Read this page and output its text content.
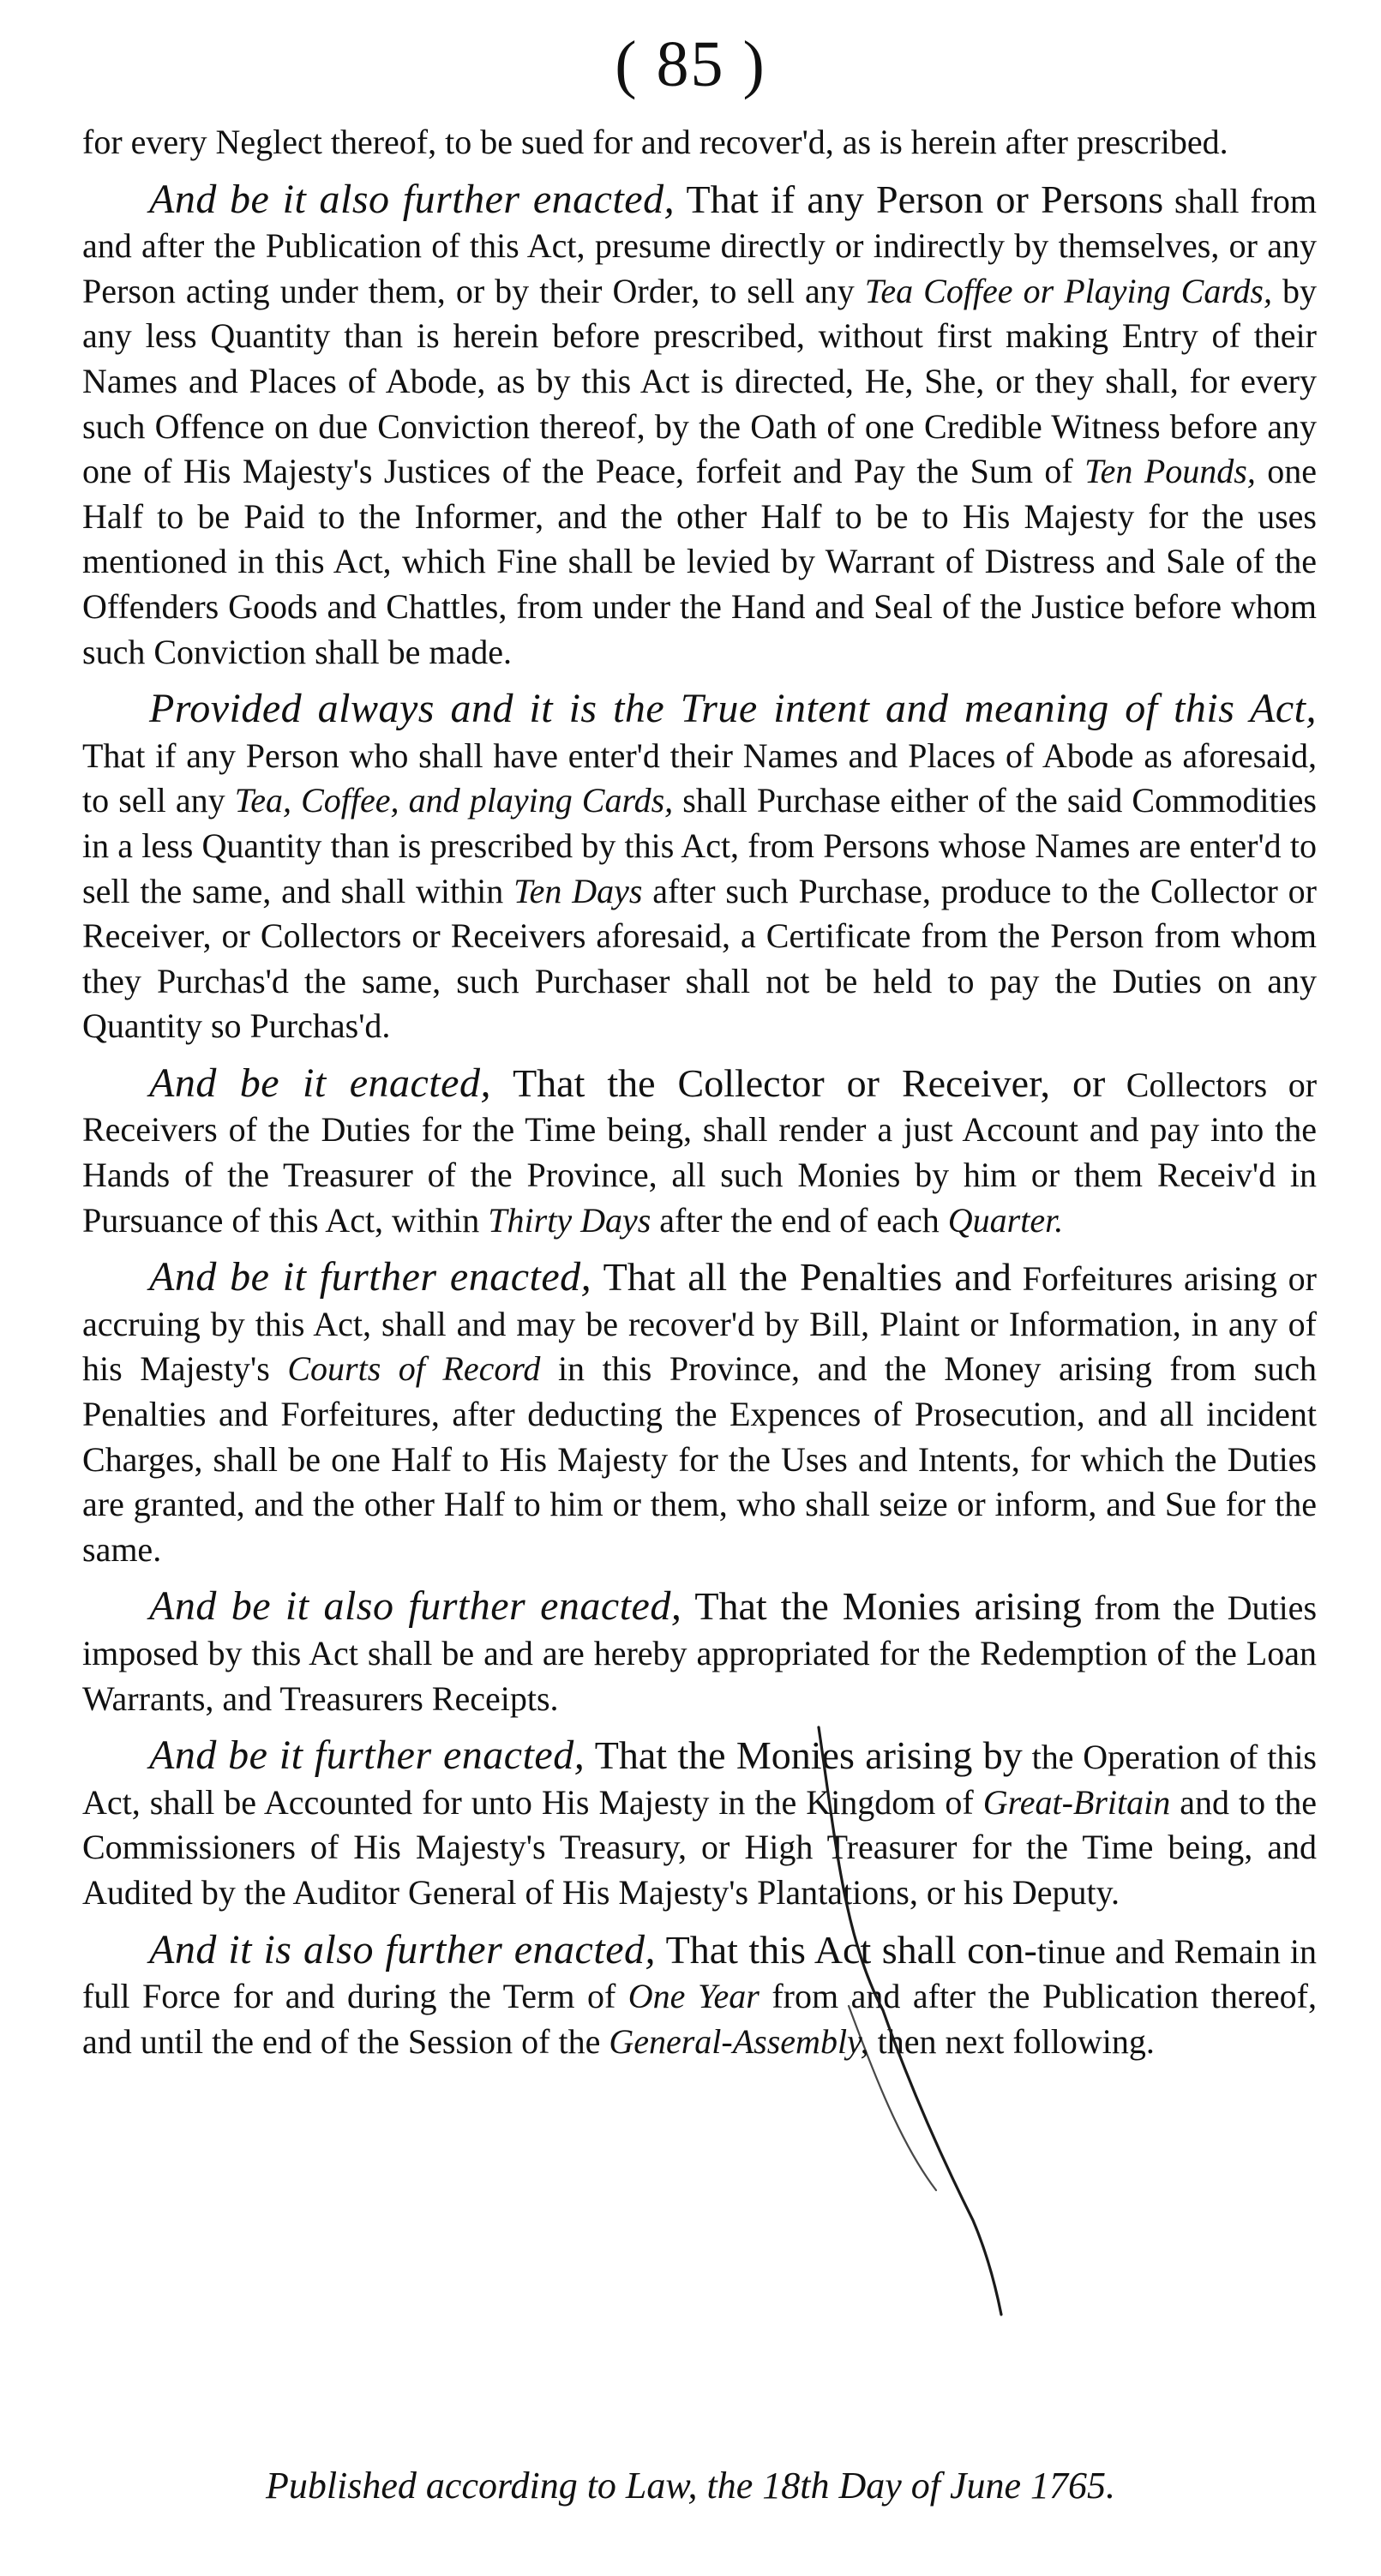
( 85 )

for every Neglect thereof, to be sued for and recover'd, as is herein after prescribed.

And be it also further enacted, That if any Person or Persons shall from and after the Publication of this Act, presume directly or indirectly by themselves, or any Person acting under them, or by their Order, to sell any Tea Coffee or Playing Cards, by any less Quantity than is herein before prescribed, without first making Entry of their Names and Places of Abode, as by this Act is directed, He, She, or they shall, for every such Offence on due Conviction thereof, by the Oath of one Credible Witness before any one of His Majesty's Justices of the Peace, forfeit and Pay the Sum of Ten Pounds, one Half to be Paid to the Informer, and the other Half to be to His Majesty for the uses mentioned in this Act, which Fine shall be levied by Warrant of Distress and Sale of the Offenders Goods and Chattles, from under the Hand and Seal of the Justice before whom such Conviction shall be made.

Provided always and it is the True intent and meaning of this Act, That if any Person who shall have enter'd their Names and Places of Abode as aforesaid, to sell any Tea, Coffee, and playing Cards, shall Purchase either of the said Commodities in a less Quantity than is prescribed by this Act, from Persons whose Names are enter'd to sell the same, and shall within Ten Days after such Purchase, produce to the Collector or Receiver, or Collectors or Receivers aforesaid, a Certificate from the Person from whom they Purchas'd the same, such Purchaser shall not be held to pay the Duties on any Quantity so Purchas'd.

And be it enacted, That the Collector or Receiver, or Collectors or Receivers of the Duties for the Time being, shall render a just Account and pay into the Hands of the Treasurer of the Province, all such Monies by him or them Receiv'd in Pursuance of this Act, within Thirty Days after the end of each Quarter.

And be it further enacted, That all the Penalties and Forfeitures arising or accruing by this Act, shall and may be recover'd by Bill, Plaint or Information, in any of his Majesty's Courts of Record in this Province, and the Money arising from such Penalties and Forfeitures, after deducting the Expences of Prosecution, and all incident Charges, shall be one Half to His Majesty for the Uses and Intents, for which the Duties are granted, and the other Half to him or them, who shall seize or inform, and Sue for the same.

And be it also further enacted, That the Monies arising from the Duties imposed by this Act shall be and are hereby appropriated for the Redemption of the Loan Warrants, and Treasurers Receipts.

And be it further enacted, That the Monies arising by the Operation of this Act, shall be Accounted for unto His Majesty in the Kingdom of Great-Britain and to the Commissioners of His Majesty's Treasury, or High Treasurer for the Time being, and Audited by the Auditor General of His Majesty's Plantations, or his Deputy.

And it is also further enacted, That this Act shall con-tinue and Remain in full Force for and during the Term of One Year from and after the Publication thereof, and until the end of the Session of the General-Assembly, then next following.

Published according to Law, the 18th Day of June 1765.
